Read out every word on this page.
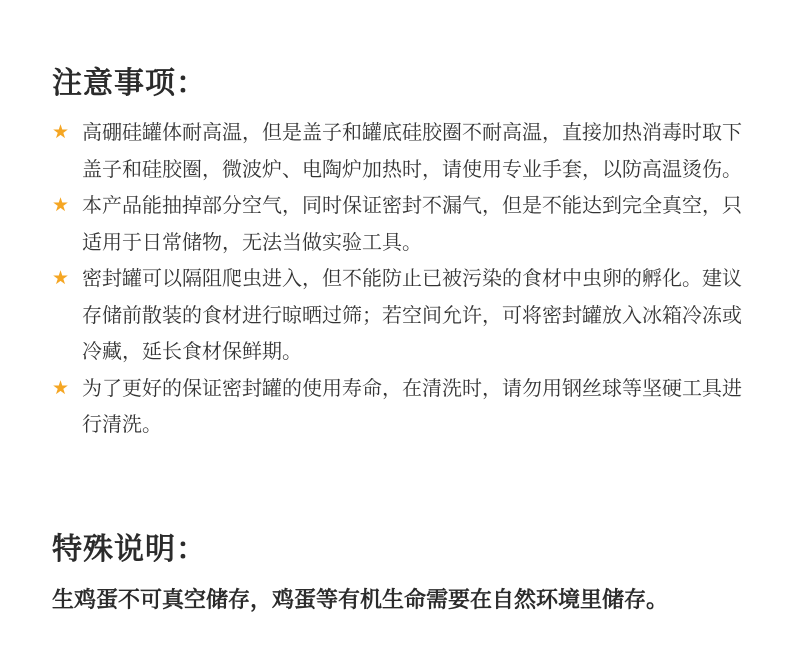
注意事项：
★ 高硼硅罐体耐高温，但是盖子和罐底硅胶圈不耐高温，直接加热消毒时取下盖子和硅胶圈，微波炉、电陶炉加热时，请使用专业手套，以防高温烫伤。
★ 本产品能抽掉部分空气，同时保证密封不漏气，但是不能达到完全真空，只适用于日常储物，无法当做实验工具。
★ 密封罐可以隔阻爬虫进入，但不能防止已被污染的食材中虫卵的孵化。建议存储前散装的食材进行晾晒过筛；若空间允许，可将密封罐放入冰箱冷冻或冷藏，延长食材保鲜期。
★ 为了更好的保证密封罐的使用寿命，在清洗时，请勿用钢丝球等坚硬工具进行清洗。
特殊说明：
生鸡蛋不可真空储存，鸡蛋等有机生命需要在自然环境里储存。
